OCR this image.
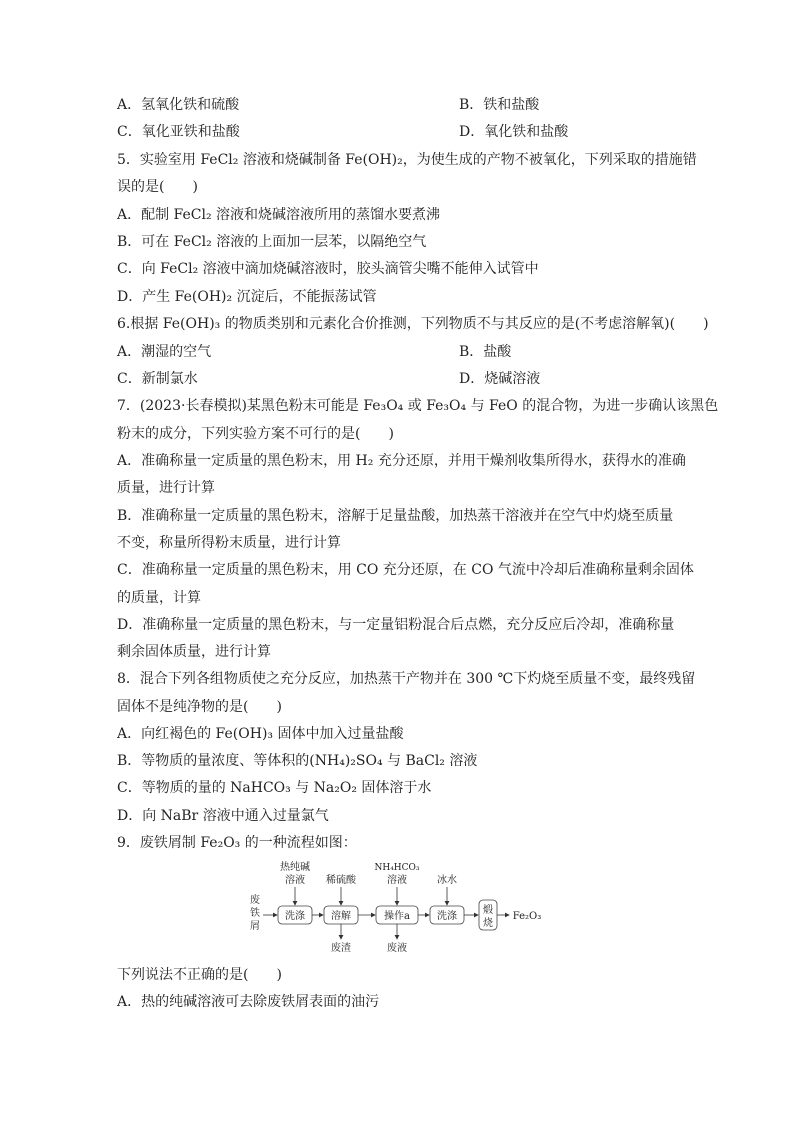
A．氢氧化铁和硫酸	B．铁和盐酸
C．氧化亚铁和盐酸	D．氧化铁和盐酸
5．实验室用 FeCl₂ 溶液和烧碱制备 Fe(OH)₂，为使生成的产物不被氧化，下列采取的措施错
误的是(　　)
A．配制 FeCl₂ 溶液和烧碱溶液所用的蒸馏水要煮沸
B．可在 FeCl₂ 溶液的上面加一层苯，以隔绝空气
C．向 FeCl₂ 溶液中滴加烧碱溶液时，胶头滴管尖嘴不能伸入试管中
D．产生 Fe(OH)₂ 沉淀后，不能振荡试管
6.根据 Fe(OH)₃ 的物质类别和元素化合价推测，下列物质不与其反应的是(不考虑溶解氧)(　　)
A．潮湿的空气	B．盐酸
C．新制氯水	D．烧碱溶液
7．(2023·长春模拟)某黑色粉末可能是 Fe₃O₄ 或 Fe₃O₄ 与 FeO 的混合物，为进一步确认该黑色
粉末的成分，下列实验方案不可行的是(　　)
A．准确称量一定质量的黑色粉末，用 H₂ 充分还原，并用干燥剂收集所得水，获得水的准确
质量，进行计算
B．准确称量一定质量的黑色粉末，溶解于足量盐酸，加热蒸干溶液并在空气中灼烧至质量
不变，称量所得粉末质量，进行计算
C．准确称量一定质量的黑色粉末，用 CO 充分还原，在 CO 气流中冷却后准确称量剩余固体
的质量，计算
D．准确称量一定质量的黑色粉末，与一定量铝粉混合后点燃，充分反应后冷却，准确称量
剩余固体质量，进行计算
8．混合下列各组物质使之充分反应，加热蒸干产物并在 300 ℃下灼烧至质量不变，最终残留
固体不是纯净物的是(　　)
A．向红褐色的 Fe(OH)₃ 固体中加入过量盐酸
B．等物质的量浓度、等体积的(NH₄)₂SO₄ 与 BaCl₂ 溶液
C．等物质的量的 NaHCO₃ 与 Na₂O₂ 固体溶于水
D．向 NaBr 溶液中通入过量氯气
9．废铁屑制 Fe₂O₃ 的一种流程如图：
废
铁
屑
热纯碱
溶液 稀硫酸
NH₄HCO₃
溶液	冰水
洗涤	溶解	操作a	洗涤
煅
烧
废渣	废液
Fe₂O₃
下列说法不正确的是(　　)
A．热的纯碱溶液可去除废铁屑表面的油污
